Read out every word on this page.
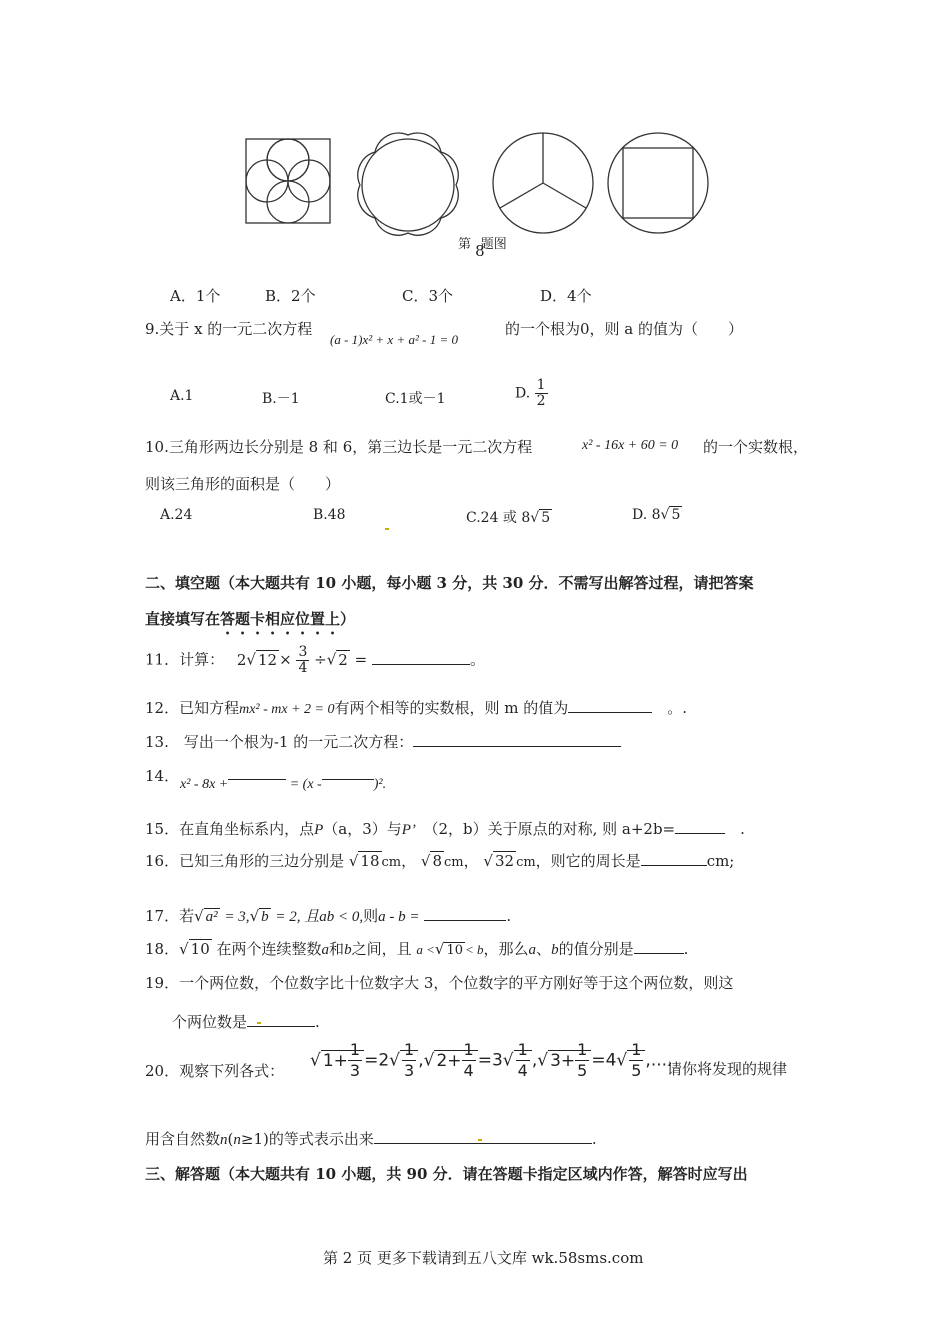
第 8题图
A．1个	B．2个	C．3个	D．4个
9.关于 x 的一元二次方程
(a - 1)x² + x + a² - 1 = 0
的一个根为0，则 a 的值为（　　）
A.1	B.－1	C.1或－1	D. $\frac{1}{2}$
10.三角形两边长分别是 8 和 6，第三边长是一元二次方程	x² - 16x + 60 = 0 的一个实数根，
则该三角形的面积是（　　）
A.24	B.48	C.24 或 8√ 5	D. 8√ 5
二、填空题（本大题共有 10 小题，每小题 3 分，共 30 分．不需写出解答过程，请把答案
直接填写在答题卡相应位置上）
11．计算： 2√ $12 \times \frac{3}{4}$ ÷√ 2 =	。
12．已知方程mx² - mx + 2 = 0有两个相等的实数根，则 m 的值为	　。.
13.　写出一个根为-1 的一元二次方程：
14． x² - 8x +	= (x -	)².
15．在直角坐标系内，点P（a，3）与P’　（2，b）关于原点的对称, 则 a+2b=	　.
16．已知三角形的三边分别是 √ 18 cm， √ 8 cm， √ 32 cm，则它的周长是	cm;
17．若√ a² = 3,√ b = 2, 且ab < 0,则a - b =	.
18．√ 10 在两个连续整数a和b之间，且 a <√ 10 < b，那么a、b的值分别是	.
19．一个两位数，个位数字比十位数字大 3，个位数字的平方刚好等于这个两位数，则这
个两位数是	.
20．观察下列各式：
√ $1+ \frac{1}{3} =2√ \frac{1}{3}$ ,√ $2+ \frac{1}{4} =3√ \frac{1}{4}$ ,√ $3+ \frac{1}{5} =4√ \frac{1}{5}$ ,....
请你将发现的规律
用含自然数n(n≥1)的等式表示出来	.
三、解答题（本大题共有 10 小题，共 90 分．请在答题卡指定区域内作答，解答时应写出
第 2 页 更多下载请到五八文库 wk.58sms.com
